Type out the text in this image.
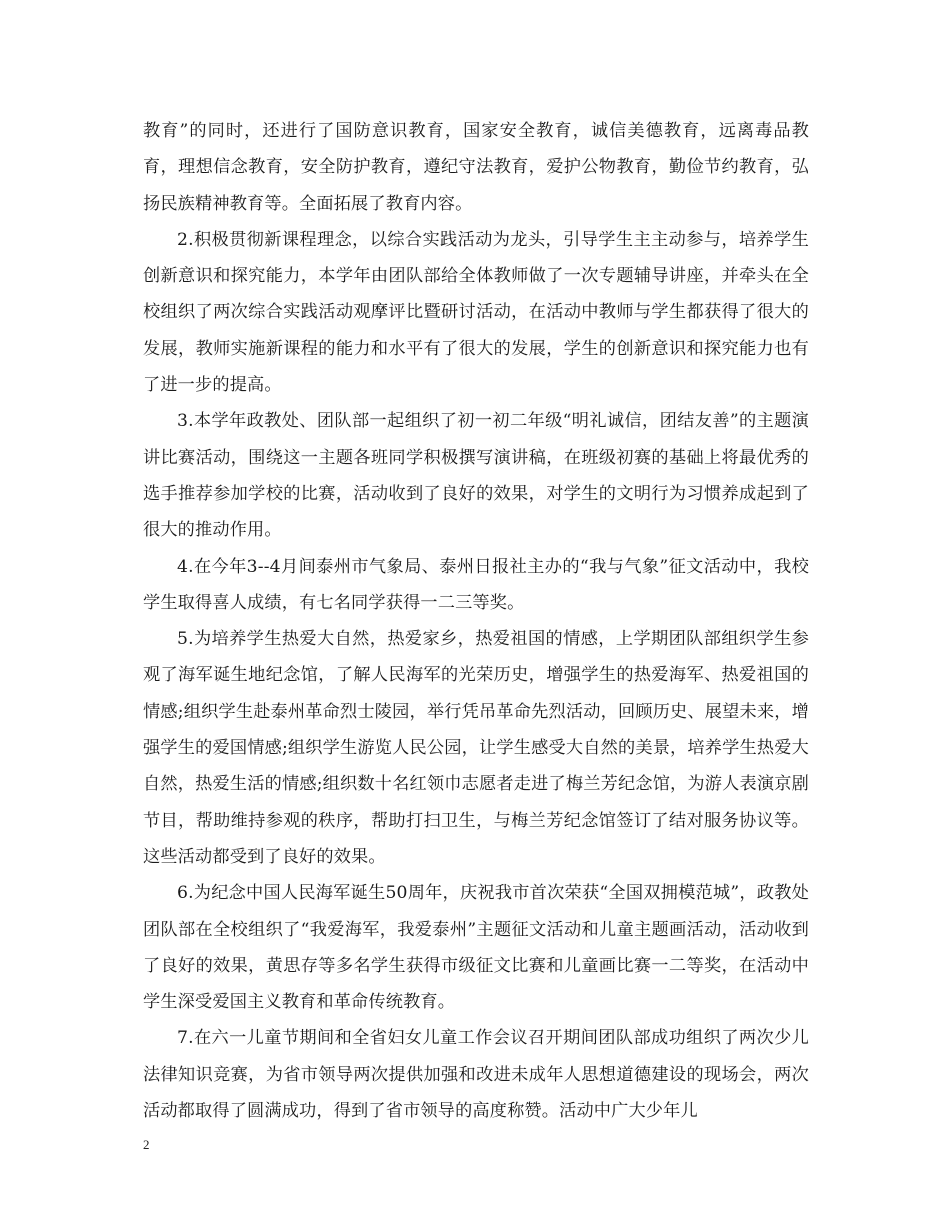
教育”的同时，还进行了国防意识教育，国家安全教育，诚信美德教育，远离毒品教育，理想信念教育，安全防护教育，遵纪守法教育，爱护公物教育，勤俭节约教育，弘扬民族精神教育等。全面拓展了教育内容。

2.积极贯彻新课程理念，以综合实践活动为龙头，引导学生主主动参与，培养学生创新意识和探究能力，本学年由团队部给全体教师做了一次专题辅导讲座，并牵头在全校组织了两次综合实践活动观摩评比暨研讨活动，在活动中教师与学生都获得了很大的发展，教师实施新课程的能力和水平有了很大的发展，学生的创新意识和探究能力也有了进一步的提高。

3.本学年政教处、团队部一起组织了初一初二年级“明礼诚信，团结友善”的主题演讲比赛活动，围绕这一主题各班同学积极撰写演讲稿，在班级初赛的基础上将最优秀的选手推荐参加学校的比赛，活动收到了良好的效果，对学生的文明行为习惯养成起到了很大的推动作用。

4.在今年3--4月间泰州市气象局、泰州日报社主办的“我与气象”征文活动中，我校学生取得喜人成绩，有七名同学获得一二三等奖。

5.为培养学生热爱大自然，热爱家乡，热爱祖国的情感，上学期团队部组织学生参观了海军诞生地纪念馆，了解人民海军的光荣历史，增强学生的热爱海军、热爱祖国的情感;组织学生赴泰州革命烈士陵园，举行凭吊革命先烈活动，回顾历史、展望未来，增强学生的爱国情感;组织学生游览人民公园，让学生感受大自然的美景，培养学生热爱大自然，热爱生活的情感;组织数十名红领巾志愿者走进了梅兰芳纪念馆，为游人表演京剧节目，帮助维持参观的秩序，帮助打扫卫生，与梅兰芳纪念馆签订了结对服务协议等。这些活动都受到了良好的效果。

6.为纪念中国人民海军诞生50周年，庆祝我市首次荣获“全国双拥模范城”，政教处团队部在全校组织了“我爱海军，我爱泰州”主题征文活动和儿童主题画活动，活动收到了良好的效果，黄思存等多名学生获得市级征文比赛和儿童画比赛一二等奖，在活动中学生深受爱国主义教育和革命传统教育。

7.在六一儿童节期间和全省妇女儿童工作会议召开期间团队部成功组织了两次少儿法律知识竞赛，为省市领导两次提供加强和改进未成年人思想道德建设的现场会，两次活动都取得了圆满成功，得到了省市领导的高度称赞。活动中广大少年儿

2
